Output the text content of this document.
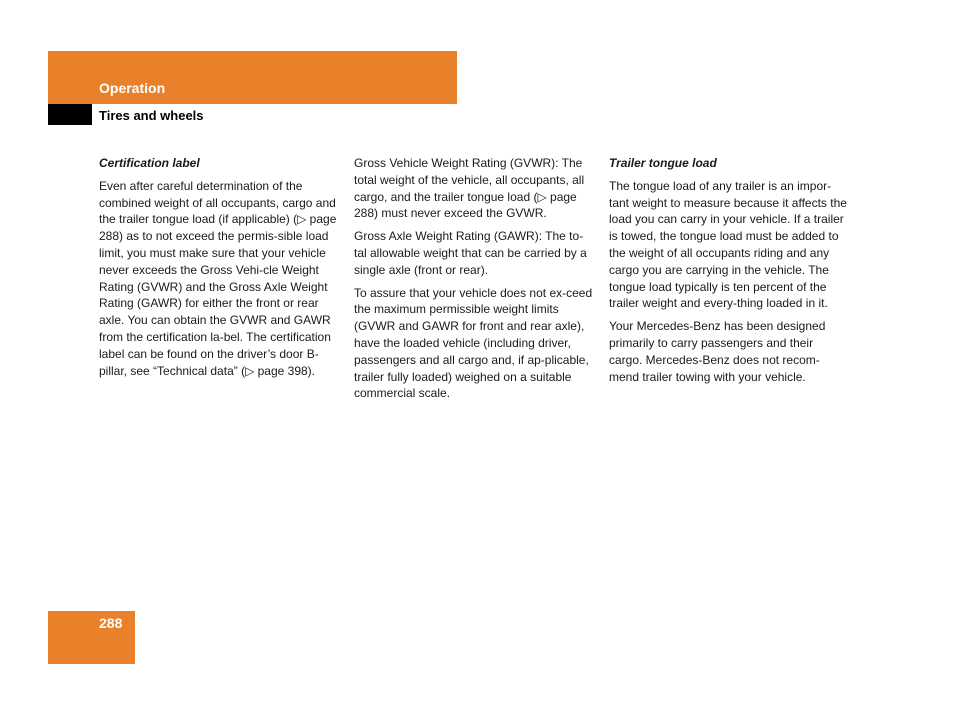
Operation
Tires and wheels
Certification label

Even after careful determination of the combined weight of all occupants, cargo and the trailer tongue load (if applicable) (▷ page 288) as to not exceed the permis-sible load limit, you must make sure that your vehicle never exceeds the Gross Vehi-cle Weight Rating (GVWR) and the Gross Axle Weight Rating (GAWR) for either the front or rear axle. You can obtain the GVWR and GAWR from the certification la-bel. The certification label can be found on the driver’s door B-pillar, see “Technical data” (▷ page 398).

Gross Vehicle Weight Rating (GVWR): The total weight of the vehicle, all occupants, all cargo, and the trailer tongue load (▷ page 288) must never exceed the GVWR.

Gross Axle Weight Rating (GAWR): The to-tal allowable weight that can be carried by a single axle (front or rear).

To assure that your vehicle does not ex-ceed the maximum permissible weight limits (GVWR and GAWR for front and rear axle), have the loaded vehicle (including driver, passengers and all cargo and, if ap-plicable, trailer fully loaded) weighed on a suitable commercial scale.

Trailer tongue load

The tongue load of any trailer is an impor-tant weight to measure because it affects the load you can carry in your vehicle. If a trailer is towed, the tongue load must be added to the weight of all occupants riding and any cargo you are carrying in the vehicle. The tongue load typically is ten percent of the trailer weight and every-thing loaded in it.

Your Mercedes-Benz has been designed primarily to carry passengers and their cargo. Mercedes-Benz does not recom-mend trailer towing with your vehicle.

288
